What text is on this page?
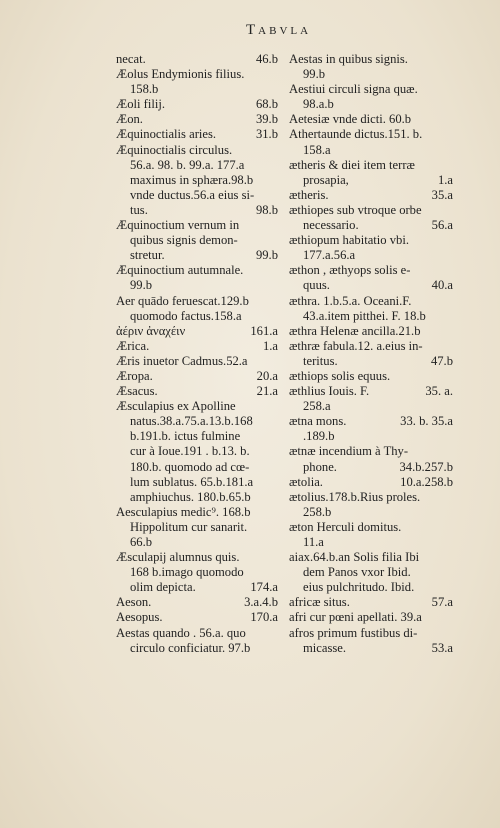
Tabvla
necat.	46.b
Æolus Endymionis filius.
158.b
Æoli filij.	68.b
Æon.	39.b
Æquinoctialis aries.	31.b
Æquinoctialis circulus.
56.a. 98. b. 99.a. 177.a
maximus in sphæra.98.b
vnde ductus.56.a eius si-
tus.	98.b
Æquinoctium vernum in
quibus signis demon-
stretur.	99.b
Æquinoctium autumnale.
99.b
Aer quādo feruescat.129.b
quomodo factus.158.a
ἀέριν ἀναχέιν	161.a
Ærica.	1.a
Æris inuetor Cadmus.52.a
Æropa.	20.a
Æsacus.	21.a
Æsculapius ex Apolline
natus.38.a.75.a.13.b.168
b.191.b. ictus fulmine
cur à Ioue.191 . b.13. b.
180.b. quomodo ad cœ-
lum sublatus. 65.b.181.a
amphiuchus. 180.b.65.b
Aesculapius medic⁹. 168.b
Hippolitum cur sanarit.
66.b
Æsculapij alumnus quis.
168 b.imago quomodo
olim depicta.	174.a
Aeson.	3.a.4.b
Aesopus.	170.a
Aestas quando . 56.a. quo
circulo conficiatur. 97.b
Aestas in quibus signis.
99.b
Aestiui circuli signa quæ.
98.a.b
Aetesiæ vnde dicti. 60.b
Athertaunde dictus.151. b.
158.a
ætheris & diei item terræ
prosapia,	1.a
ætheris.	35.a
æthiopes sub vtroque orbe
necessario.	56.a
æthiopum habitatio vbi.
177.a.56.a
æthon , æthyops solis e-
quus.	40.a
æthra. 1.b.5.a. Oceani.F.
43.a.item pitthei. F. 18.b
æthra Helenæ ancilla.21.b
æthræ fabula.12. a.eius in-
teritus.	47.b
æthiops solis equus.
æthlius Iouis. F.	35. a.
258.a
ætna mons.	33. b. 35.a
.189.b
ætnæ incendium à Thy-
phone.	34.b.257.b
ætolia.	10.a.258.b
ætolius.178.b.Rius proles.
258.b
æton Herculi domitus.
11.a
aiax.64.b.an Solis filia Ibi
dem Panos vxor Ibid.
eius pulchritudo. Ibid.
africæ situs.	57.a
afri cur pœni apellati. 39.a
afros primum fustibus di-
micasse.	53.a
